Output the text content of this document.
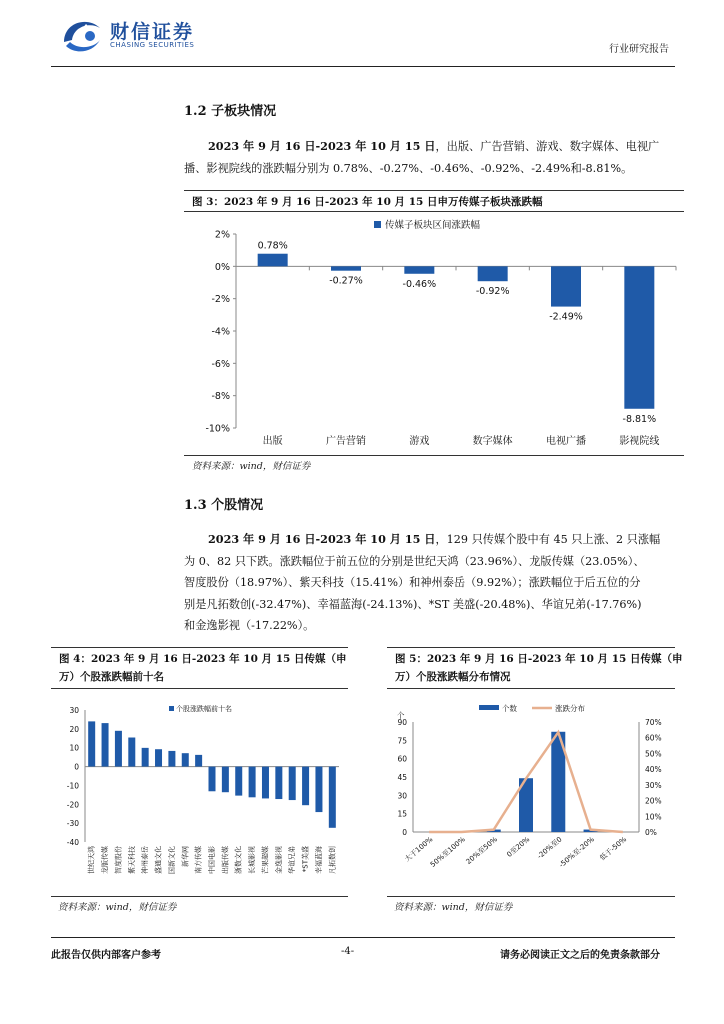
财信证券
CHASING SECURITIES	行业研究报告
1.2 子板块情况
2023 年 9 月 16 日-2023 年 10 月 15 日，出版、广告营销、游戏、数字媒体、电视广
播、影视院线的涨跌幅分别为 0.78%、-0.27%、-0.46%、-0.92%、-2.49%和-8.81%。
图 3：2023 年 9 月 16 日-2023 年 10 月 15 日申万传媒子板块涨跌幅
传媒子板块区间涨跌幅
2%
0%
-2%
-4%
-6%
-8%
-10%
0.78%
出版
-0.27%
广告营销
-0.46%
游戏
-0.92%
数字媒体
-2.49%
电视广播
-8.81%
影视院线
资料来源：wind，财信证券
1.3 个股情况
2023 年 9 月 16 日-2023 年 10 月 15 日，129 只传媒个股中有 45 只上涨、2 只涨幅
为 0、82 只下跌。涨跌幅位于前五位的分别是世纪天鸿（23.96%）、龙版传媒（23.05%）、
智度股份（18.97%）、紫天科技（15.41%）和神州泰岳（9.92%）；涨跌幅位于后五位的分
别是凡拓数创(-32.47%)、幸福蓝海(-24.13%)、*ST 美盛(-20.48%)、华谊兄弟(-17.76%)
和金逸影视（-17.22%）。
图 4：2023 年 9 月 16 日-2023 年 10 月 15 日传媒（申
万）个股涨跌幅前十名
个股涨跌幅前十名
30
20
10
0
-10
-20
-30
-40
世纪天鸿 龙版传媒 智度股份 紫天科技 神州泰岳 盛通文化 国新文化 新华网 南方传媒 中国电影 出版传媒 浙数文化 长城影视 芒果超媒 金逸影视 华谊兄弟 *ST美盛 幸福蓝海 凡拓数创
资料来源：wind，财信证券
图 5：2023 年 9 月 16 日-2023 年 10 月 15 日传媒（申
万）个股涨跌幅分布情况
个数	涨跌分布
个
90
75
60
45
30
15
0
70%
60%
50%
40%
30%
20%
10%
0%
大于100%
50%至100%
20%至50% 0至20% -20%至0
-50%至-20% 低于-50%
资料来源：wind，财信证券
此报告仅供内部客户参考	-4-	请务必阅读正文之后的免责条款部分
